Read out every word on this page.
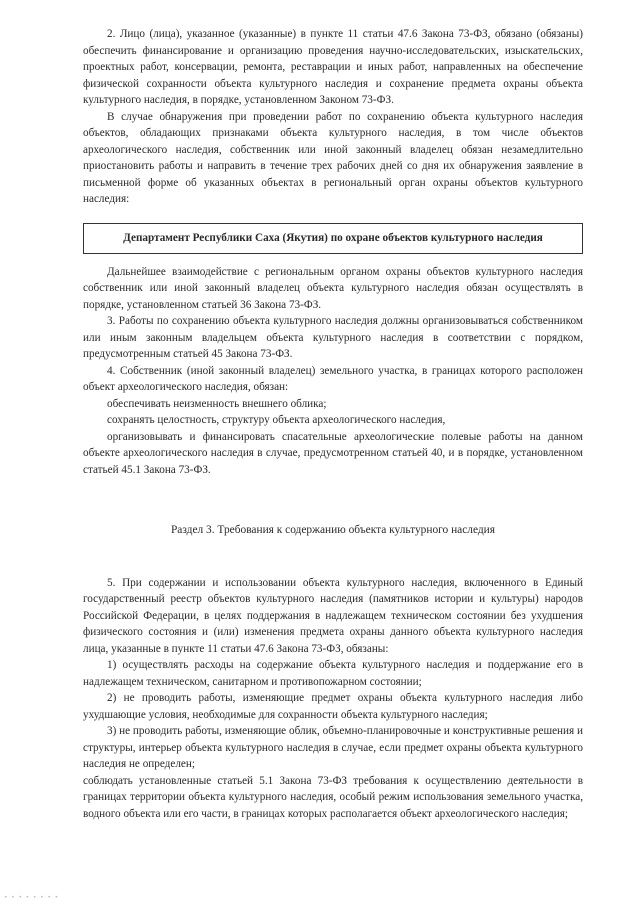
2. Лицо (лица), указанное (указанные) в пункте 11 статьи 47.6 Закона 73-ФЗ, обязано (обязаны) обеспечить финансирование и организацию проведения научно-исследовательских, изыскательских, проектных работ, консервации, ремонта, реставрации и иных работ, направленных на обеспечение физической сохранности объекта культурного наследия и сохранение предмета охраны объекта культурного наследия, в порядке, установленном Законом 73-ФЗ.

В случае обнаружения при проведении работ по сохранению объекта культурного наследия объектов, обладающих признаками объекта культурного наследия, в том числе объектов археологического наследия, собственник или иной законный владелец обязан незамедлительно приостановить работы и направить в течение трех рабочих дней со дня их обнаружения заявление в письменной форме об указанных объектах в региональный орган охраны объектов культурного наследия:

Департамент Республики Саха (Якутия) по охране объектов культурного наследия

Дальнейшее взаимодействие с региональным органом охраны объектов культурного наследия собственник или иной законный владелец объекта культурного наследия обязан осуществлять в порядке, установленном статьей 36 Закона 73-ФЗ.

3. Работы по сохранению объекта культурного наследия должны организовываться собственником или иным законным владельцем объекта культурного наследия в соответствии с порядком, предусмотренным статьей 45 Закона 73-ФЗ.

4. Собственник (иной законный владелец) земельного участка, в границах которого расположен объект археологического наследия, обязан:

обеспечивать неизменность внешнего облика;

сохранять целостность, структуру объекта археологического наследия,

организовывать и финансировать спасательные археологические полевые работы на данном объекте археологического наследия в случае, предусмотренном статьей 40, и в порядке, установленном статьей 45.1 Закона 73-ФЗ.

Раздел 3. Требования к содержанию объекта культурного наследия

5. При содержании и использовании объекта культурного наследия, включенного в Единый государственный реестр объектов культурного наследия (памятников истории и культуры) народов Российской Федерации, в целях поддержания в надлежащем техническом состоянии без ухудшения физического состояния и (или) изменения предмета охраны данного объекта культурного наследия лица, указанные в пункте 11 статьи 47.6 Закона 73-ФЗ, обязаны:

1) осуществлять расходы на содержание объекта культурного наследия и поддержание его в надлежащем техническом, санитарном и противопожарном состоянии;

2) не проводить работы, изменяющие предмет охраны объекта культурного наследия либо ухудшающие условия, необходимые для сохранности объекта культурного наследия;

3) не проводить работы, изменяющие облик, объемно-планировочные и конструктивные решения и структуры, интерьер объекта культурного наследия в случае, если предмет охраны объекта культурного наследия не определен;

соблюдать установленные статьей 5.1 Закона 73-ФЗ требования к осуществлению деятельности в границах территории объекта культурного наследия, особый режим использования земельного участка, водного объекта или его части, в границах которых располагается объект археологического наследия;

• • • • • • • •
